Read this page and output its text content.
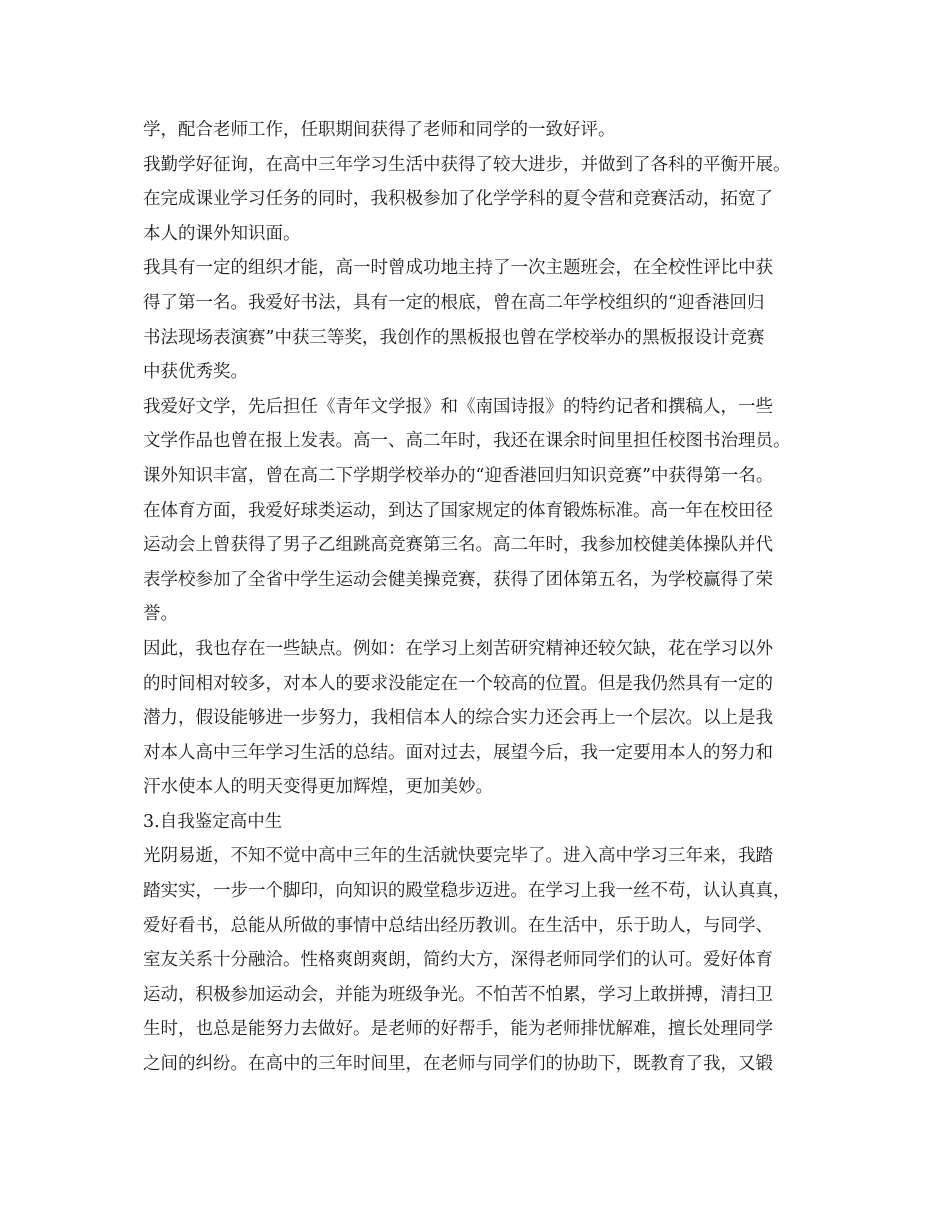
学，配合老师工作，任职期间获得了老师和同学的一致好评。
我勤学好征询，在高中三年学习生活中获得了较大进步，并做到了各科的平衡开展。
在完成课业学习任务的同时，我积极参加了化学学科的夏令营和竞赛活动，拓宽了
本人的课外知识面。
我具有一定的组织才能，高一时曾成功地主持了一次主题班会，在全校性评比中获
得了第一名。我爱好书法，具有一定的根底，曾在高二年学校组织的“迎香港回归
书法现场表演赛”中获三等奖，我创作的黑板报也曾在学校举办的黑板报设计竞赛
中获优秀奖。
我爱好文学，先后担任《青年文学报》和《南国诗报》的特约记者和撰稿人，一些
文学作品也曾在报上发表。高一、高二年时，我还在课余时间里担任校图书治理员。
课外知识丰富，曾在高二下学期学校举办的“迎香港回归知识竞赛”中获得第一名。
在体育方面，我爱好球类运动，到达了国家规定的体育锻炼标准。高一年在校田径
运动会上曾获得了男子乙组跳高竞赛第三名。高二年时，我参加校健美体操队并代
表学校参加了全省中学生运动会健美操竞赛，获得了团体第五名，为学校赢得了荣
誉。
因此，我也存在一些缺点。例如：在学习上刻苦研究精神还较欠缺，花在学习以外
的时间相对较多，对本人的要求没能定在一个较高的位置。但是我仍然具有一定的
潜力，假设能够进一步努力，我相信本人的综合实力还会再上一个层次。以上是我
对本人高中三年学习生活的总结。面对过去，展望今后，我一定要用本人的努力和
汗水使本人的明天变得更加辉煌，更加美妙。
3.自我鉴定高中生
光阴易逝，不知不觉中高中三年的生活就快要完毕了。进入高中学习三年来，我踏
踏实实，一步一个脚印，向知识的殿堂稳步迈进。在学习上我一丝不苟，认认真真，
爱好看书，总能从所做的事情中总结出经历教训。在生活中，乐于助人，与同学、
室友关系十分融洽。性格爽朗爽朗，简约大方，深得老师同学们的认可。爱好体育
运动，积极参加运动会，并能为班级争光。不怕苦不怕累，学习上敢拼搏，清扫卫
生时，也总是能努力去做好。是老师的好帮手，能为老师排忧解难，擅长处理同学
之间的纠纷。在高中的三年时间里，在老师与同学们的协助下，既教育了我，又锻
